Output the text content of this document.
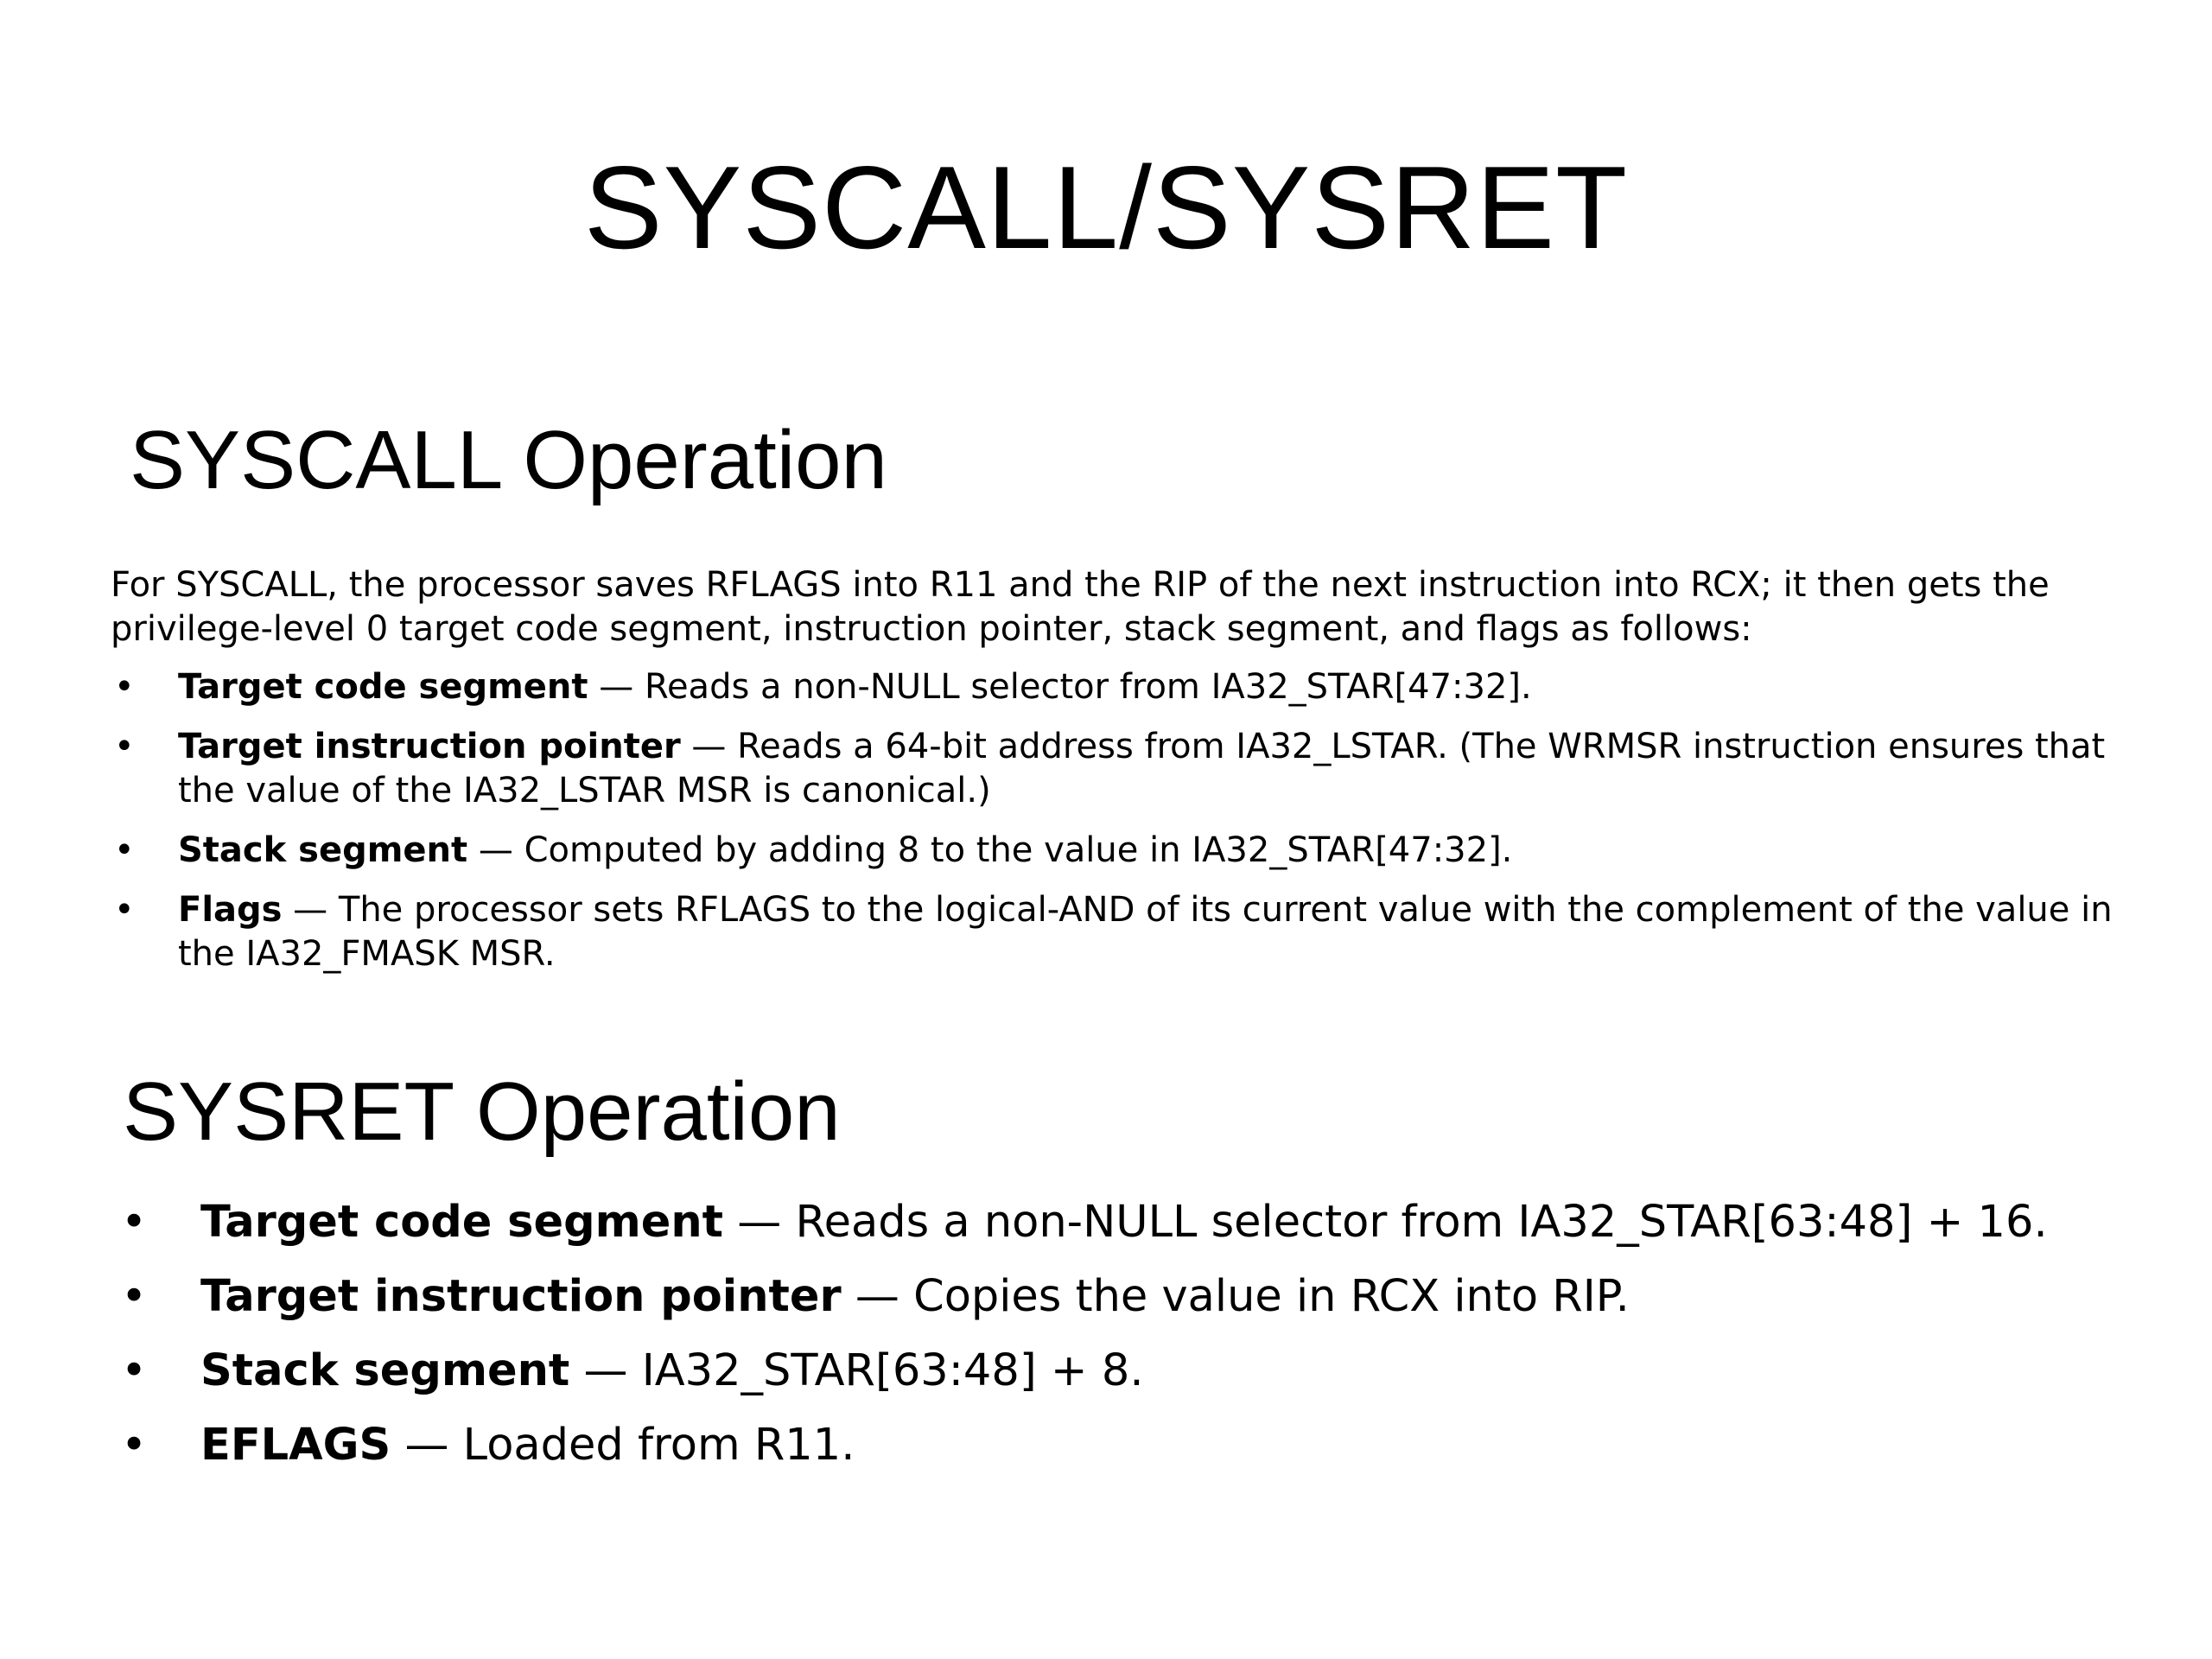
SYSCALL/SYSRET
SYSCALL Operation

For SYSCALL, the processor saves RFLAGS into R11 and the RIP of the next instruction into RCX; it then gets the privilege-level 0 target code segment, instruction pointer, stack segment, and flags as follows:

• Target code segment — Reads a non-NULL selector from IA32_STAR[47:32].
• Target instruction pointer — Reads a 64-bit address from IA32_LSTAR. (The WRMSR instruction ensures that the value of the IA32_LSTAR MSR is canonical.)
• Stack segment — Computed by adding 8 to the value in IA32_STAR[47:32].
• Flags — The processor sets RFLAGS to the logical-AND of its current value with the complement of the value in the IA32_FMASK MSR.
SYSRET Operation
• Target code segment — Reads a non-NULL selector from IA32_STAR[63:48] + 16.
• Target instruction pointer — Copies the value in RCX into RIP.
• Stack segment — IA32_STAR[63:48] + 8.
• EFLAGS — Loaded from R11.
